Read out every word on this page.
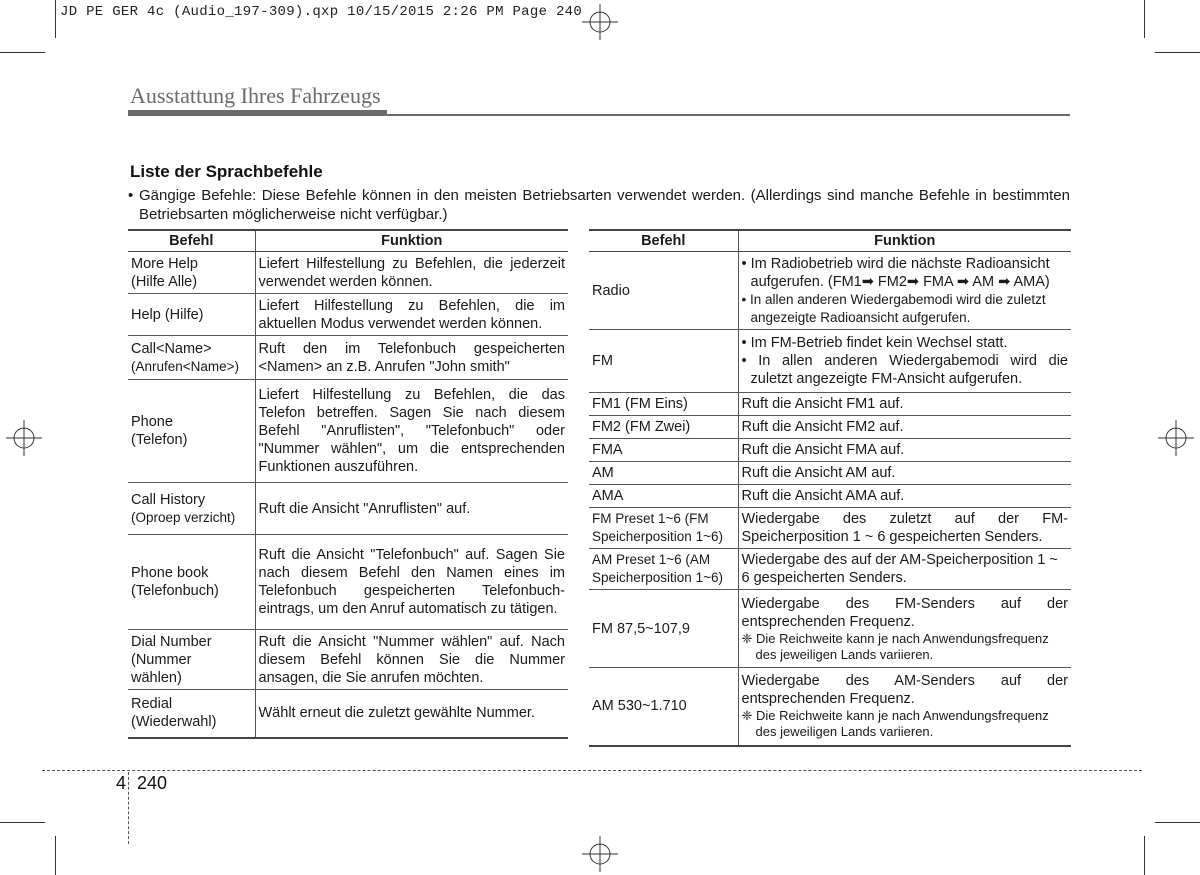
JD PE GER 4c (Audio_197-309).qxp 10/15/2015 2:26 PM Page 240
Ausstattung Ihres Fahrzeugs
Liste der Sprachbefehle
• Gängige Befehle: Diese Befehle können in den meisten Betriebsarten verwendet werden. (Allerdings sind manche Befehle in bestimmten Betriebsarten möglicherweise nicht verfügbar.)
Befehl	Funktion
More Help
(Hilfe Alle)	Liefert Hilfestellung zu Befehlen, die jederzeit verwendet werden können.
Help (Hilfe)	Liefert Hilfestellung zu Befehlen, die im aktuellen Modus verwendet werden können.
Call<Name>
(Anrufen<Name>)	Ruft den im Telefonbuch gespeicherten <Namen> an z.B. Anrufen "John smith"
Phone
(Telefon)	Liefert Hilfestellung zu Befehlen, die das Telefon betreffen. Sagen Sie nach diesem Befehl "Anruflisten", "Telefonbuch" oder "Nummer wählen", um die entsprechenden Funktionen auszuführen.
Call History
(Oproep verzicht)	Ruft die Ansicht "Anruflisten" auf.
Phone book
(Telefonbuch)	Ruft die Ansicht "Telefonbuch" auf. Sagen Sie nach diesem Befehl den Namen eines im Telefonbuch gespeicherten Telefonbuch-eintrags, um den Anruf automatisch zu tätigen.
Dial Number
(Nummer
wählen)	Ruft die Ansicht "Nummer wählen" auf. Nach diesem Befehl können Sie die Nummer ansagen, die Sie anrufen möchten.
Redial
(Wiederwahl)	Wählt erneut die zuletzt gewählte Nummer.
Befehl	Funktion
Radio	• Im Radiobetrieb wird die nächste Radioansicht aufgerufen. (FM1➡ FM2➡ FMA ➡ AM ➡ AMA)
• In allen anderen Wiedergabemodi wird die zuletzt angezeigte Radioansicht aufgerufen.

FM	• Im FM-Betrieb findet kein Wechsel statt.
• In allen anderen Wiedergabemodi wird die zuletzt angezeigte FM-Ansicht aufgerufen.

FM1 (FM Eins)	Ruft die Ansicht FM1 auf.
FM2 (FM Zwei)	Ruft die Ansicht FM2 auf.
FMA	Ruft die Ansicht FMA auf.
AM	Ruft die Ansicht AM auf.
AMA	Ruft die Ansicht AMA auf.
FM Preset 1~6 (FM Speicherposition 1~6)	Wiedergabe des zuletzt auf der FM-Speicherposition 1 ~ 6 gespeicherten Senders.
AM Preset 1~6 (AM Speicherposition 1~6)	Wiedergabe des auf der AM-Speicherposition 1 ~ 6 gespeicherten Senders.
FM 87,5~107,9	Wiedergabe des FM-Senders auf der entsprechenden Frequenz.
❈ Die Reichweite kann je nach Anwendungsfrequenz des jeweiligen Lands variieren.

AM 530~1.710	Wiedergabe des AM-Senders auf der entsprechenden Frequenz.
❈ Die Reichweite kann je nach Anwendungsfrequenz des jeweiligen Lands variieren.
4 240
